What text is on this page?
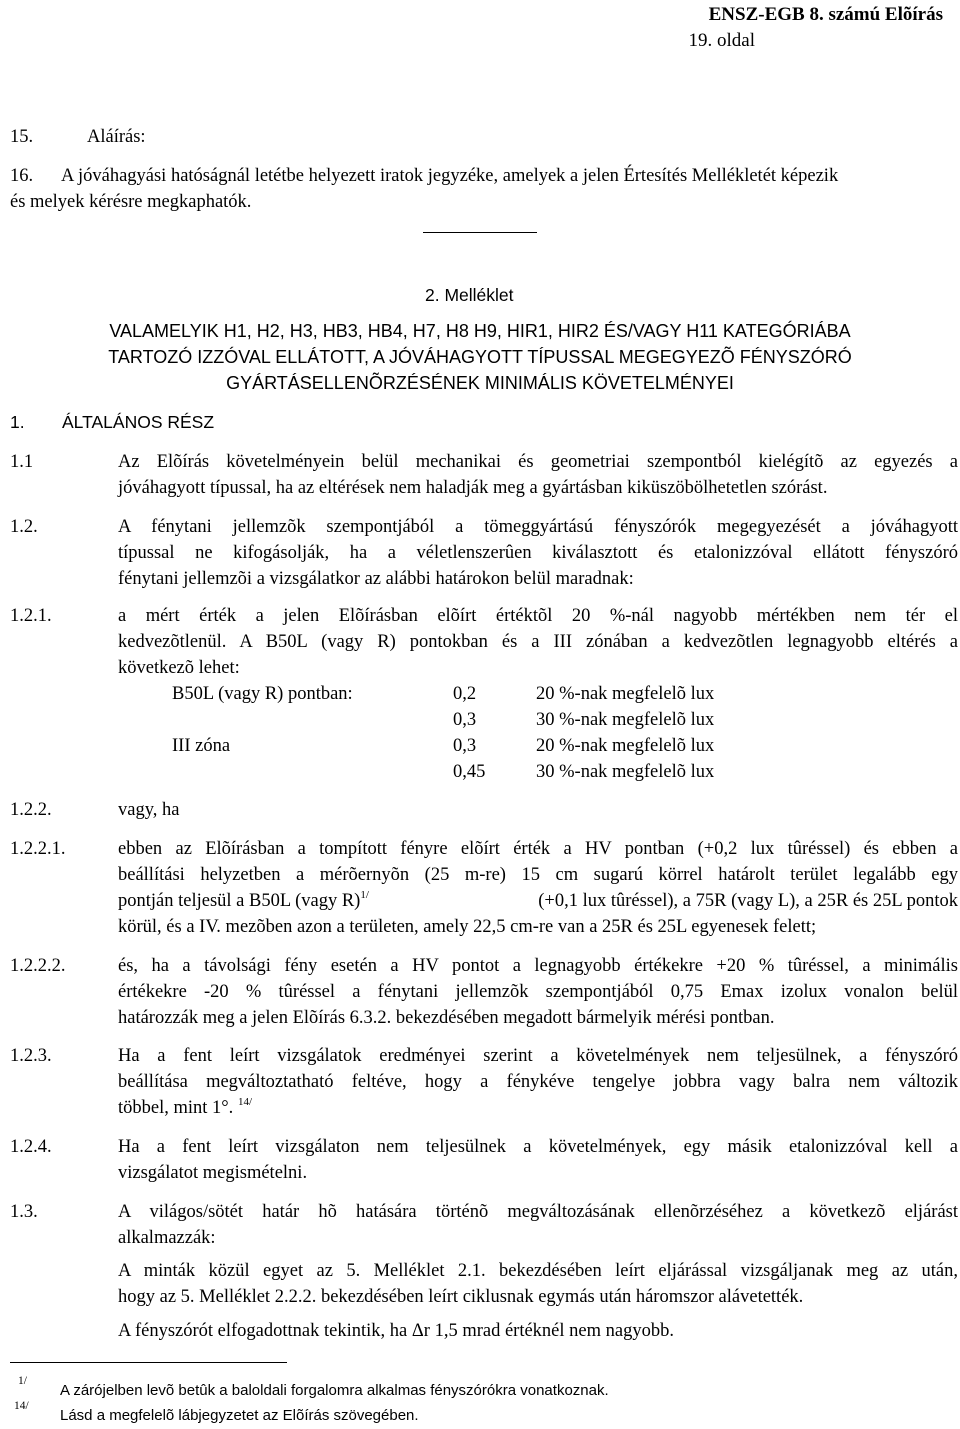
ENSZ-EGB 8. számú Elõírás
19. oldal
15.	Aláírás:
16. A jóváhagyási hatóságnál letétbe helyezett iratok jegyzéke, amelyek a jelen Értesítés Mellékletét képezik
és melyek kérésre megkaphatók.
2. Melléklet
VALAMELYIK H1, H2, H3, HB3, HB4, H7, H8 H9, HIR1, HIR2 ÉS/VAGY H11 KATEGÓRIÁBA
TARTOZÓ IZZÓVAL ELLÁTOTT, A JÓVÁHAGYOTT TÍPUSSAL MEGEGYEZÕ FÉNYSZÓRÓ
GYÁRTÁSELLENÕRZÉSÉNEK MINIMÁLIS KÖVETELMÉNYEI
1. ÁLTALÁNOS RÉSZ
1.1	Az Elõírás követelményein belül mechanikai és geometriai szempontból kielégítõ az egyezés a
jóváhagyott típussal, ha az eltérések nem haladják meg a gyártásban kiküszöbölhetetlen szórást.
1.2.	A fénytani jellemzõk szempontjából a tömeggyártású fényszórók megegyezését a jóváhagyott
típussal ne kifogásolják, ha a véletlenszerûen kiválasztott és etalonizzóval ellátott fényszóró
fénytani jellemzõi a vizsgálatkor az alábbi határokon belül maradnak:
1.2.1.	a mért érték a jelen Elõírásban elõírt értéktõl 20 %-nál nagyobb mértékben nem tér el
kedvezõtlenül. A B50L (vagy R) pontokban és a III zónában a kedvezõtlen legnagyobb eltérés a
következõ lehet:
B50L (vagy R) pontban:	0,2	20 %-nak megfelelõ lux
0,3	30 %-nak megfelelõ lux
III zóna	0,3	20 %-nak megfelelõ lux
0,45	30 %-nak megfelelõ lux
1.2.2.	vagy, ha
1.2.2.1.	ebben az Elõírásban a tompított fényre elõírt érték a HV pontban (+0,2 lux tûréssel) és ebben a
beállítási helyzetben a mérõernyõn (25 m-re) 15 cm sugarú körrel határolt terület legalább egy
pontján teljesül a B50L (vagy R)$^{1/}$	(+0,1 lux tûréssel), a 75R (vagy L), a 25R és 25L pontok
körül, és a IV. mezõben azon a területen, amely 22,5 cm-re van a 25R és 25L egyenesek felett;
1.2.2.2.	és, ha a távolsági fény esetén a HV pontot a legnagyobb értékekre +20 % tûréssel, a minimális
értékekre -20 % tûréssel a fénytani jellemzõk szempontjából 0,75 Emax izolux vonalon belül
határozzák meg a jelen Elõírás 6.3.2. bekezdésében megadott bármelyik mérési pontban.
1.2.3.	Ha a fent leírt vizsgálatok eredményei szerint a követelmények nem teljesülnek, a fényszóró
beállítása megváltoztatható feltéve, hogy a fénykéve tengelye jobbra vagy balra nem változik
többel, mint 1°. $^{14/}$
1.2.4.	Ha a fent leírt vizsgálaton nem teljesülnek a követelmények, egy másik etalonizzóval kell a
vizsgálatot megismételni.
1.3.	A világos/sötét határ hõ hatására történõ megváltozásának ellenõrzéséhez a következõ eljárást
alkalmazzák:
A minták közül egyet az 5. Melléklet 2.1. bekezdésében leírt eljárással vizsgáljanak meg az után,
hogy az 5. Melléklet 2.2.2. bekezdésében leírt ciklusnak egymás után háromszor alávetették.
A fényszórót elfogadottnak tekintik, ha Δr 1,5 mrad értéknél nem nagyobb.
1/
A zárójelben levõ betûk a baloldali forgalomra alkalmas fényszórókra vonatkoznak.
14/
Lásd a megfelelõ lábjegyzetet az Elõírás szövegében.
